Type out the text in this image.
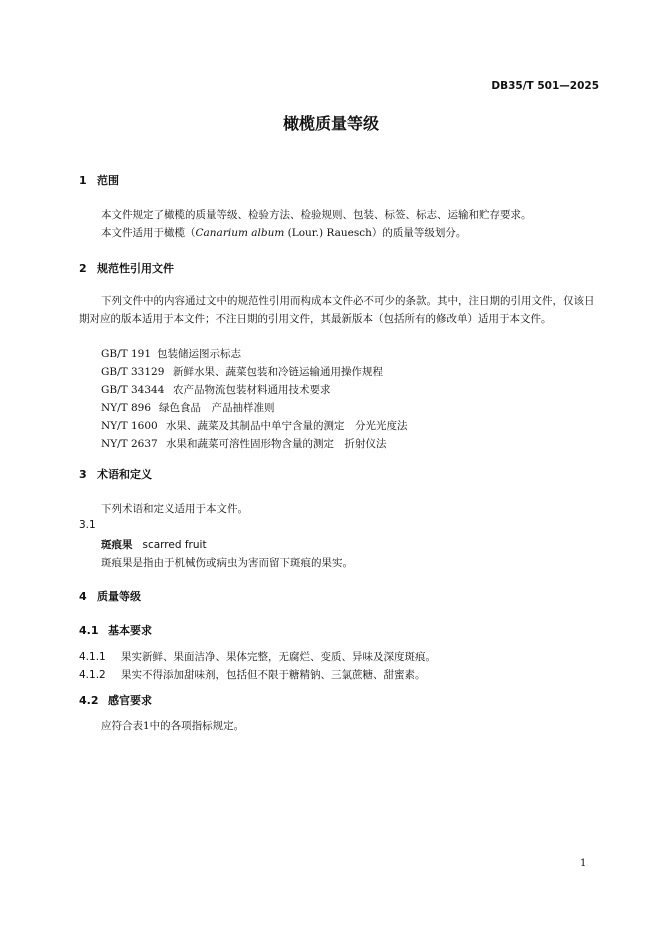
DB35/T 501—2025
橄榄质量等级
1 范围
本文件规定了橄榄的质量等级、检验方法、检验规则、包装、标签、标志、运输和贮存要求。
本文件适用于橄榄（Canarium album (Lour.) Rauesch）的质量等级划分。
2 规范性引用文件
下列文件中的内容通过文中的规范性引用而构成本文件必不可少的条款。其中，注日期的引用文件，仅该日期对应的版本适用于本文件；不注日期的引用文件，其最新版本（包括所有的修改单）适用于本文件。
GB/T 191 包装储运图示标志
GB/T 33129 新鲜水果、蔬菜包装和冷链运输通用操作规程
GB/T 34344 农产品物流包装材料通用技术要求
NY/T 896 绿色食品　产品抽样准则
NY/T 1600 水果、蔬菜及其制品中单宁含量的测定　分光光度法
NY/T 2637 水果和蔬菜可溶性固形物含量的测定　折射仪法
3 术语和定义
下列术语和定义适用于本文件。
3.1
斑痕果 scarred fruit
斑痕果是指由于机械伤或病虫为害而留下斑痕的果实。
4 质量等级
4.1 基本要求
4.1.1 果实新鲜、果面洁净、果体完整，无腐烂、变质、异味及深度斑痕。
4.1.2 果实不得添加甜味剂，包括但不限于糖精钠、三氯蔗糖、甜蜜素。
4.2 感官要求
应符合表1中的各项指标规定。
1
